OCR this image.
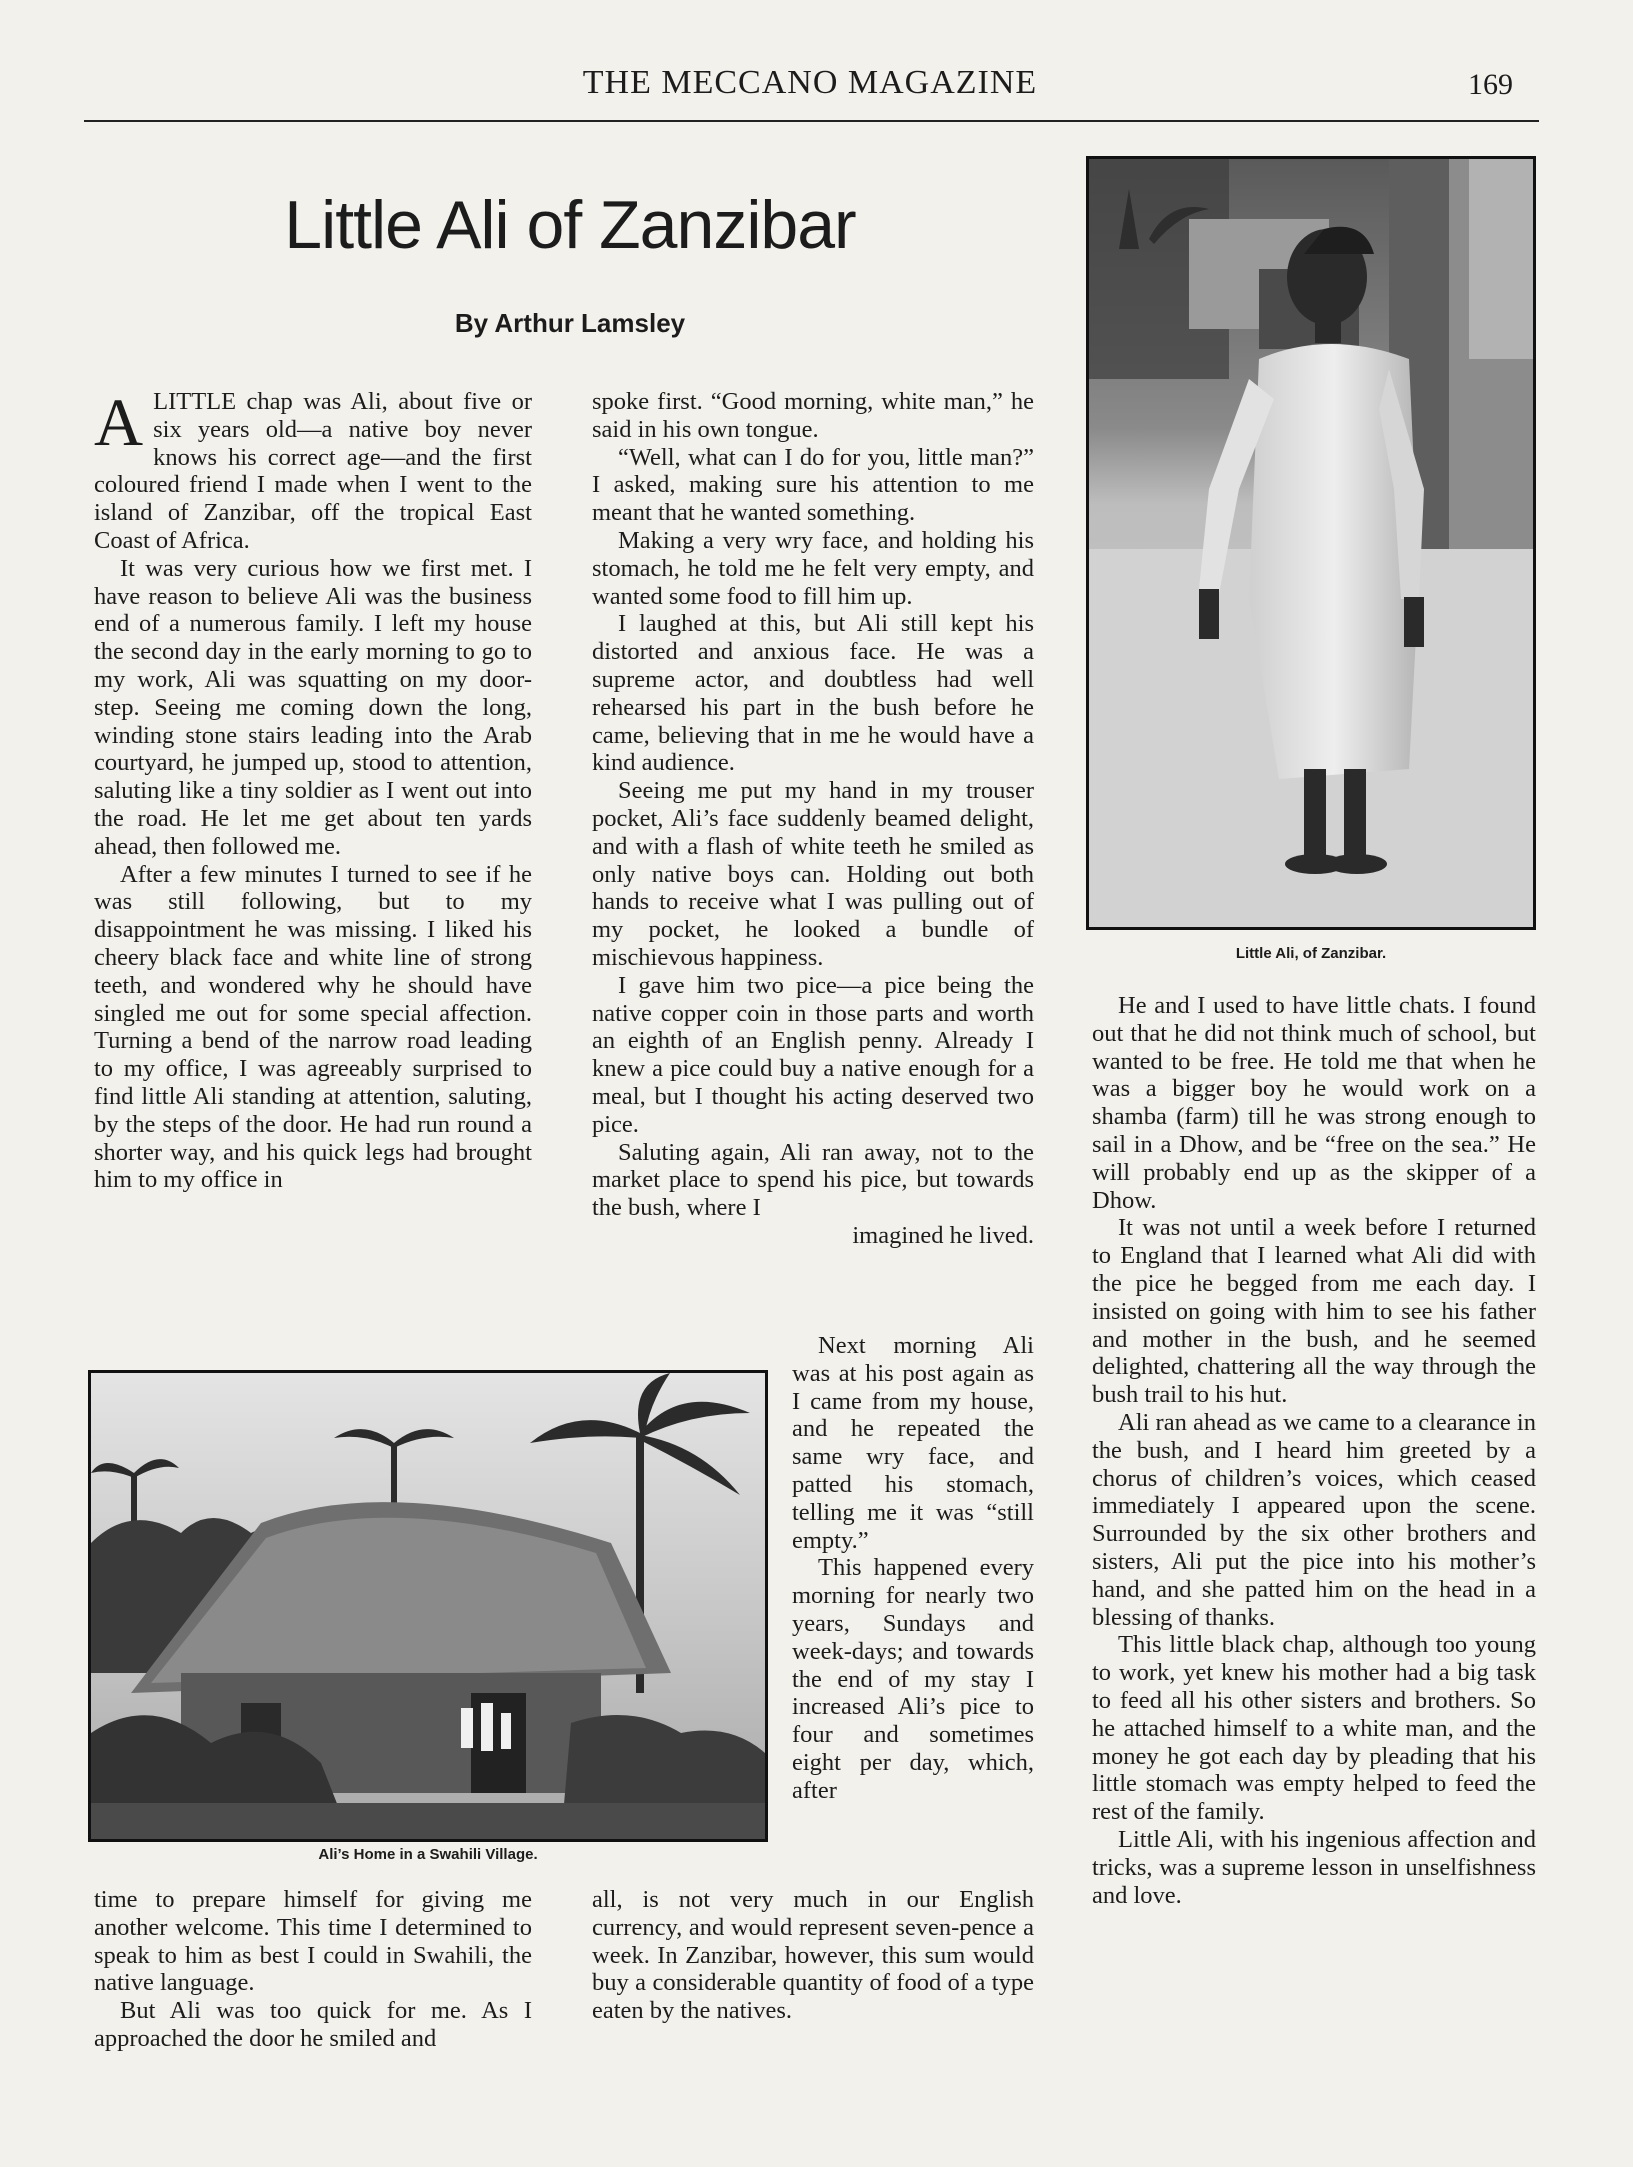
THE MECCANO MAGAZINE	169
Little Ali of Zanzibar
By Arthur Lamsley

ALITTLE chap was Ali, about five or six years old—a native boy never knows his correct age—and the first coloured friend I made when I went to the island of Zanzibar, off the tropical East Coast of Africa.

It was very curious how we first met. I have reason to believe Ali was the business end of a numerous family. I left my house the second day in the early morning to go to my work, Ali was squatting on my door-step. Seeing me coming down the long, winding stone stairs leading into the Arab courtyard, he jumped up, stood to attention, saluting like a tiny soldier as I went out into the road. He let me get about ten yards ahead, then followed me.

After a few minutes I turned to see if he was still following, but to my disappointment he was missing. I liked his cheery black face and white line of strong teeth, and wondered why he should have singled me out for some special affection. Turning a bend of the narrow road leading to my office, I was agreeably surprised to find little Ali standing at attention, saluting, by the steps of the door. He had run round a shorter way, and his quick legs had brought him to my office in

spoke first. “Good morning, white man,” he said in his own tongue.

“Well, what can I do for you, little man?” I asked, making sure his attention to me meant that he wanted something.

Making a very wry face, and holding his stomach, he told me he felt very empty, and wanted some food to fill him up.

I laughed at this, but Ali still kept his distorted and anxious face. He was a supreme actor, and doubtless had well rehearsed his part in the bush before he came, believing that in me he would have a kind audience.

Seeing me put my hand in my trouser pocket, Ali’s face suddenly beamed delight, and with a flash of white teeth he smiled as only native boys can. Holding out both hands to receive what I was pulling out of my pocket, he looked a bundle of mischievous happiness.

I gave him two pice—a pice being the native copper coin in those parts and worth an eighth of an English penny. Already I knew a pice could buy a native enough for a meal, but I thought his acting deserved two pice.

Saluting again, Ali ran away, not to the market place to spend his pice, but towards the bush, where I

imagined he lived.

Next morning Ali was at his post again as I came from my house, and he repeated the same wry face, and patted his stomach, telling me it was “still empty.”

This happened every morning for nearly two years, Sundays and week-days; and towards the end of my stay I increased Ali’s pice to four and sometimes eight per day, which, after

time to prepare himself for giving me another welcome. This time I determined to speak to him as best I could in Swahili, the native language.

But Ali was too quick for me. As I approached the door he smiled and

all, is not very much in our English currency, and would represent seven-pence a week. In Zanzibar, however, this sum would buy a considerable quantity of food of a type eaten by the natives.

He and I used to have little chats. I found out that he did not think much of school, but wanted to be free. He told me that when he was a bigger boy he would work on a shamba (farm) till he was strong enough to sail in a Dhow, and be “free on the sea.” He will probably end up as the skipper of a Dhow.

It was not until a week before I returned to England that I learned what Ali did with the pice he begged from me each day. I insisted on going with him to see his father and mother in the bush, and he seemed delighted, chattering all the way through the bush trail to his hut.

Ali ran ahead as we came to a clearance in the bush, and I heard him greeted by a chorus of children’s voices, which ceased immediately I appeared upon the scene. Surrounded by the six other brothers and sisters, Ali put the pice into his mother’s hand, and she patted him on the head in a blessing of thanks.

This little black chap, although too young to work, yet knew his mother had a big task to feed all his other sisters and brothers. So he attached himself to a white man, and the money he got each day by pleading that his little stomach was empty helped to feed the rest of the family.

Little Ali, with his ingenious affection and tricks, was a supreme lesson in unselfishness and love.

Little Ali, of Zanzibar.
Ali’s Home in a Swahili Village.
